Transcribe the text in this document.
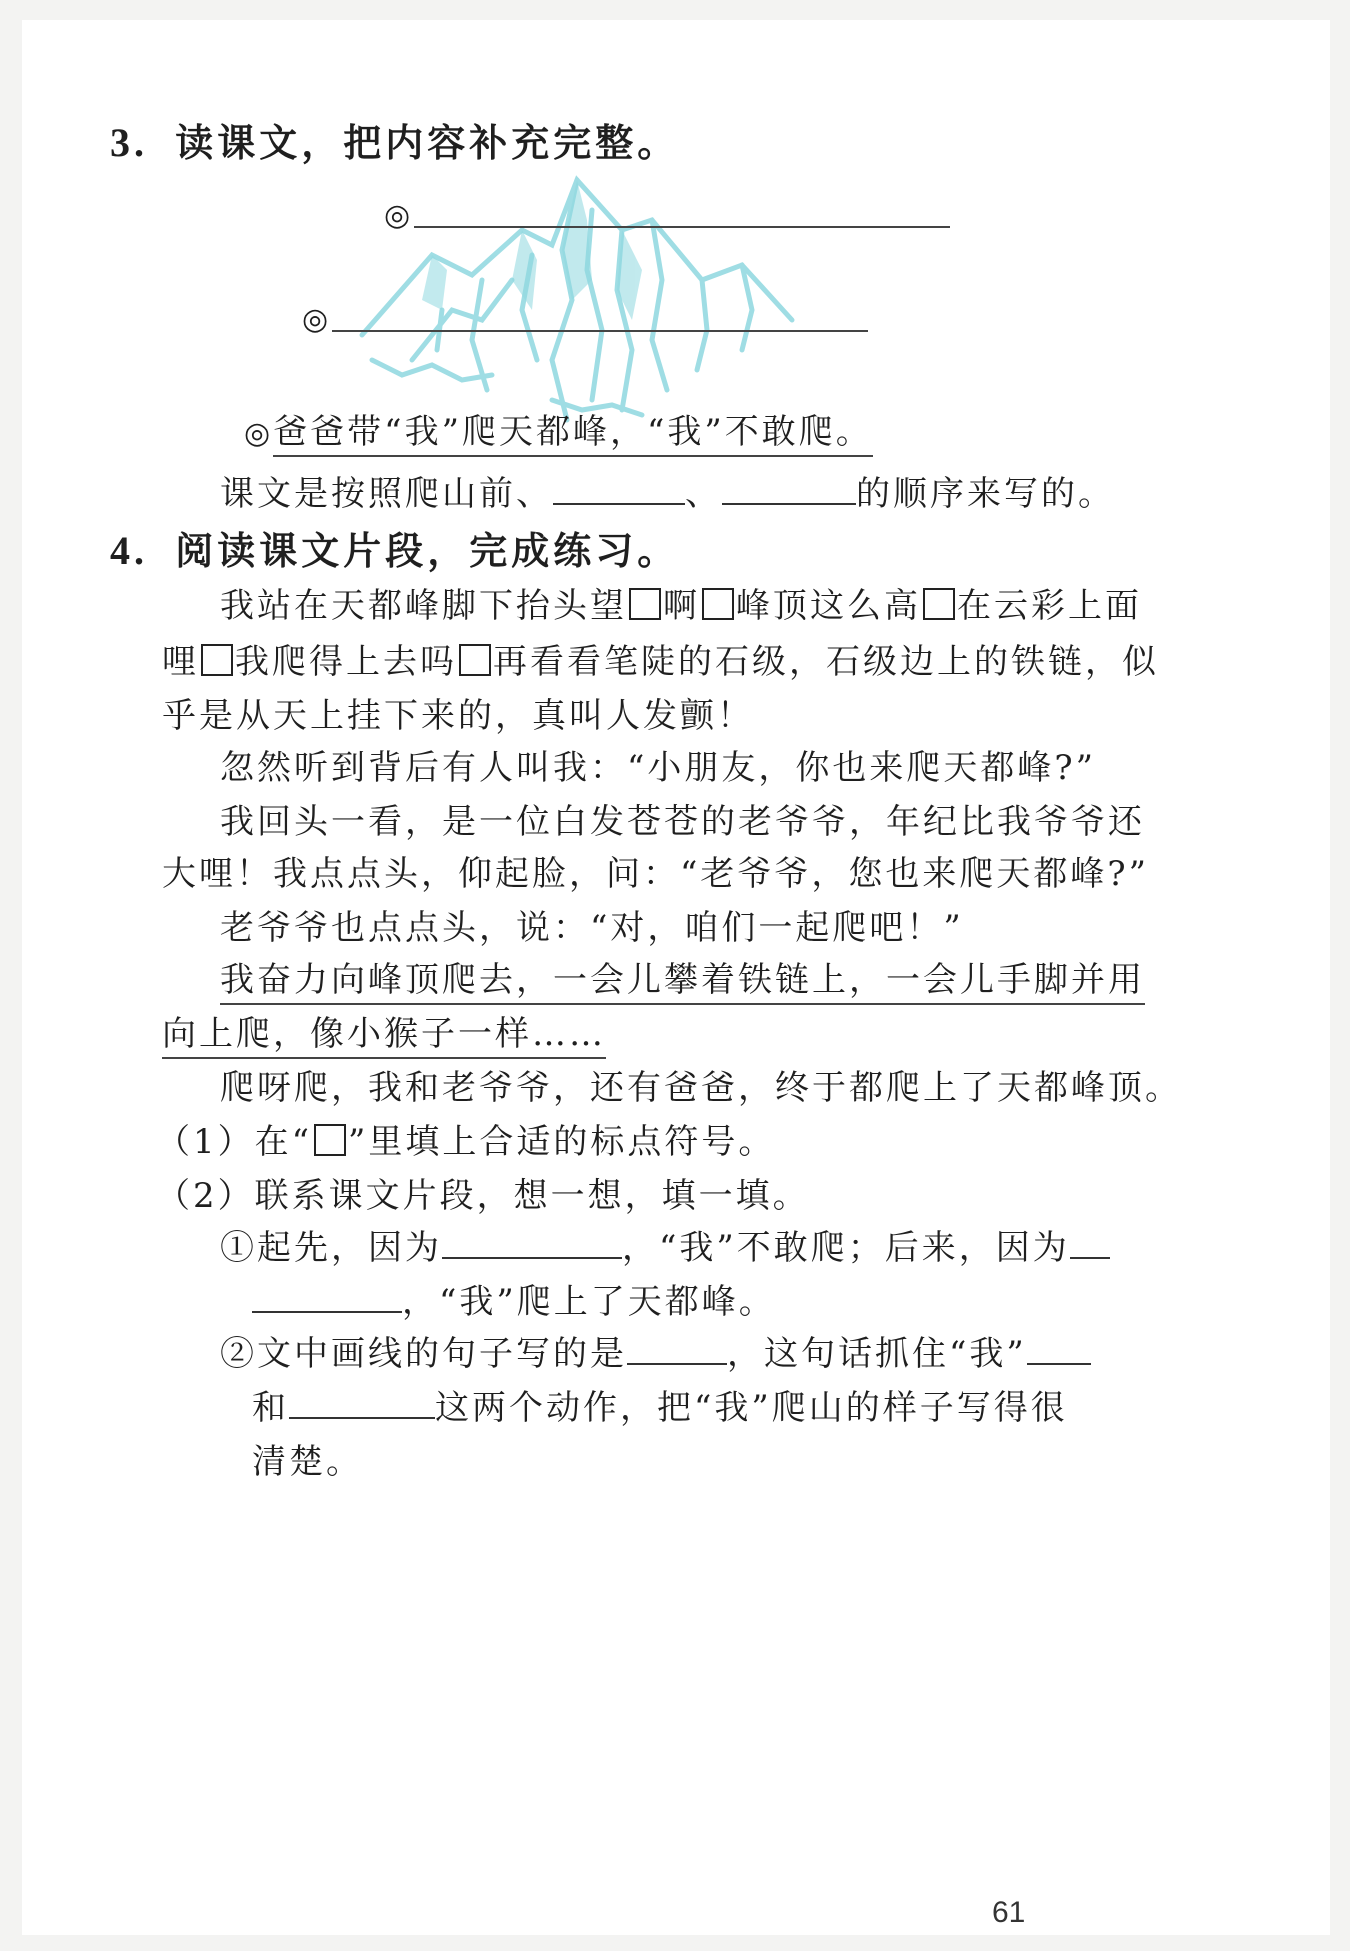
3. 读课文，把内容补充完整。
◎
◎
◎爸爸带“我”爬天都峰，“我”不敢爬。
课文是按照爬山前、	、	的顺序来写的。
4. 阅读课文片段，完成练习。
我站在天都峰脚下抬头望 啊 峰顶这么高 在云彩上面
哩 我爬得上去吗 再看看笔陡的石级，石级边上的铁链，似
乎是从天上挂下来的，真叫人发颤！
忽然听到背后有人叫我：“小朋友，你也来爬天都峰?”
我回头一看，是一位白发苍苍的老爷爷，年纪比我爷爷还
大哩！我点点头，仰起脸，问：“老爷爷，您也来爬天都峰?”
老爷爷也点点头，说：“对，咱们一起爬吧！”
我奋力向峰顶爬去，一会儿攀着铁链上，一会儿手脚并用
向上爬，像小猴子一样……
爬呀爬，我和老爷爷，还有爸爸，终于都爬上了天都峰顶。
（1）在“ ”里填上合适的标点符号。
（2）联系课文片段，想一想，填一填。
①起先，因为	，“我”不敢爬；后来，因为
，“我”爬上了天都峰。
②文中画线的句子写的是	，这句话抓住“我”
和	这两个动作，把“我”爬山的样子写得很
清楚。
61
